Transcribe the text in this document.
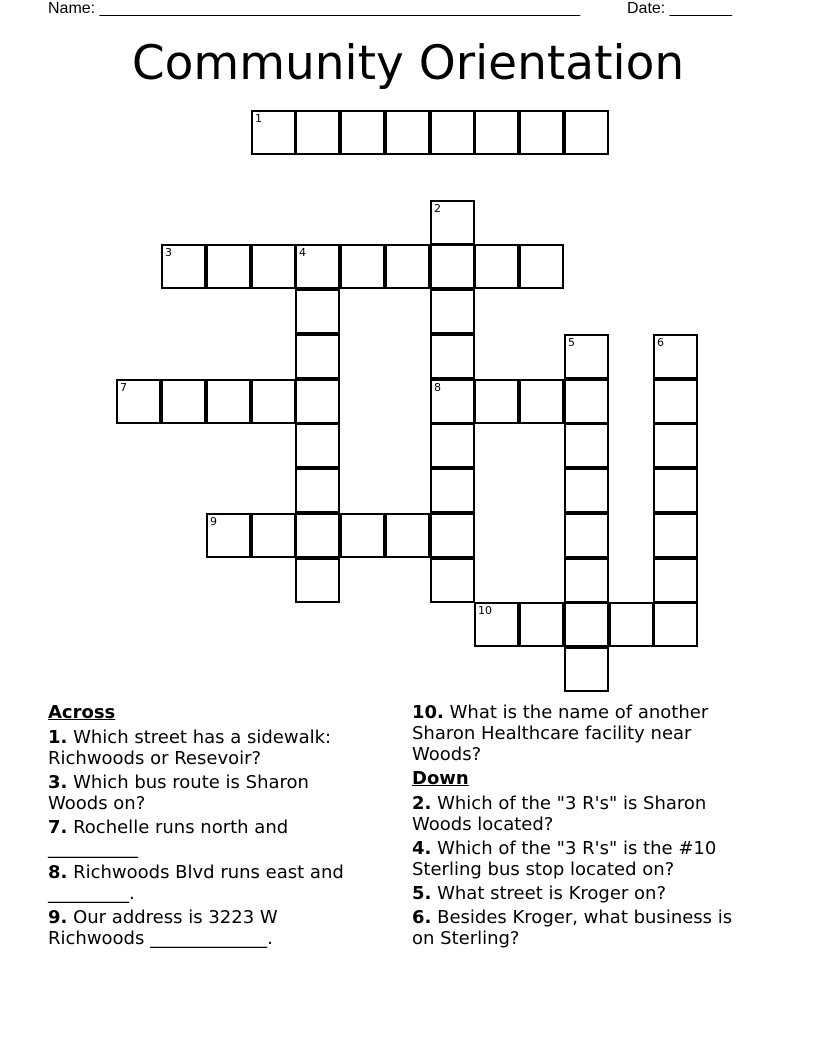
Name: ______________________________________________________	Date: _______
Community Orientation
1
2
3	4
5	6
7	8
9
10
Across
1. Which street has a sidewalk: Richwoods or Resevoir?
3. Which bus route is Sharon Woods on?
7. Rochelle runs north and __________
8. Richwoods Blvd runs east and _________.
9. Our address is 3223 W Richwoods _____________.
10. What is the name of another Sharon Healthcare facility near Woods?
Down
2. Which of the "3 R's" is Sharon Woods located?
4. Which of the "3 R's" is the #10 Sterling bus stop located on?
5. What street is Kroger on?
6. Besides Kroger, what business is on Sterling?
